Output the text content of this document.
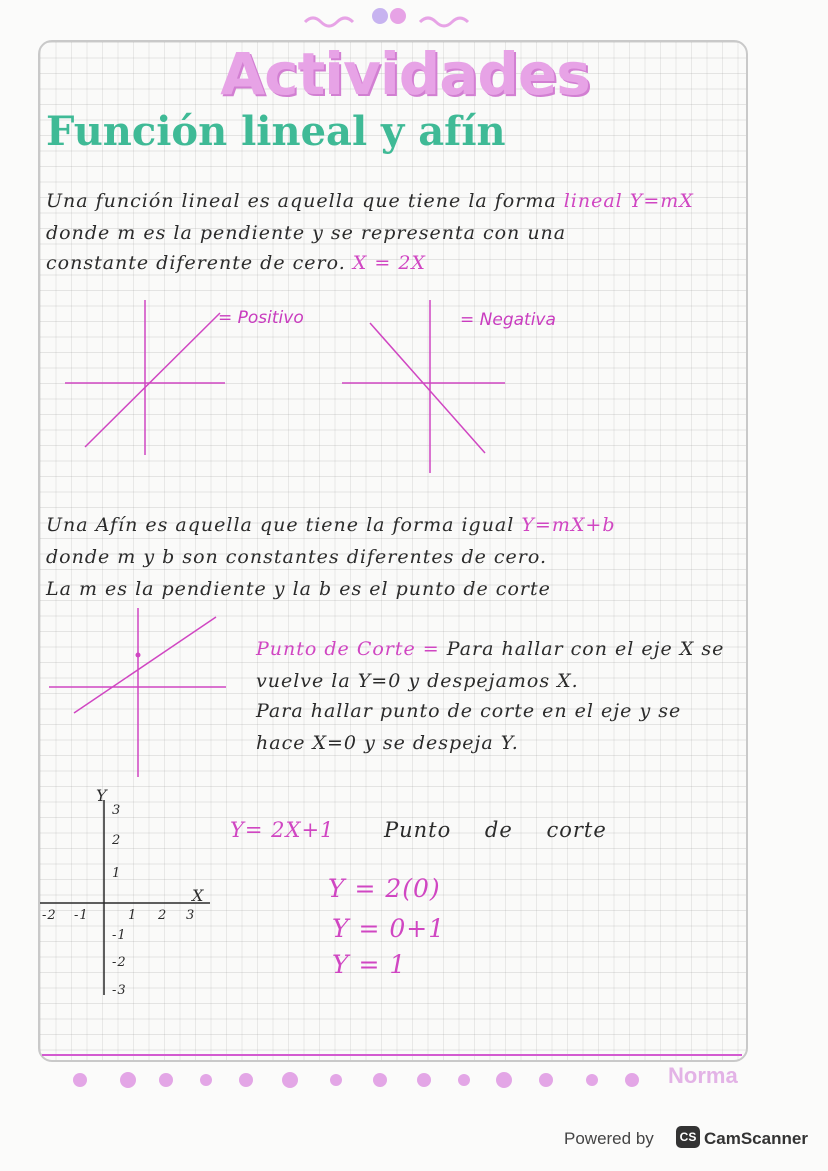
Actividades
Función lineal y afín
Una función lineal es aquella que tiene la forma lineal Y=mX
donde m es la pendiente y se representa con una
constante diferente de cero. X = 2X
= Positivo	= Negativa
Una Afín es aquella que tiene la forma igual Y=mX+b
donde m y b son constantes diferentes de cero.
La m es la pendiente y la b es el punto de corte
Punto de Corte = Para hallar con el eje X se
vuelve la Y=0 y despejamos X.
Para hallar punto de corte en el eje y se
hace X=0 y se despeja Y.
3
2
1
-1
-2
-3
-2 -1	1 2 3
Y
X
Y= 2X+1 Punto de corte
Y = 2(0)
Y = 0+1
Y = 1
Norma
Powered by	CS CamScanner
